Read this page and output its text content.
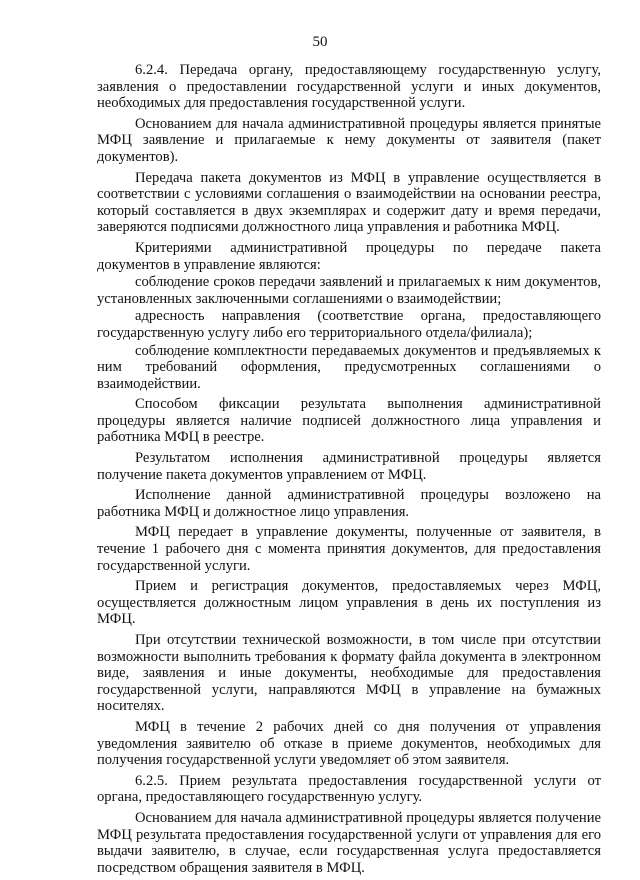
50

6.2.4. Передача органу, предоставляющему государственную услугу, заявления о предоставлении государственной услуги и иных документов, необходимых для предоставления государственной услуги.

Основанием для начала административной процедуры является принятые МФЦ заявление и прилагаемые к нему документы от заявителя (пакет документов).

Передача пакета документов из МФЦ в управление осуществляется в соответствии с условиями соглашения о взаимодействии на основании реестра, который составляется в двух экземплярах и содержит дату и время передачи, заверяются подписями должностного лица управления и работника МФЦ.

Критериями административной процедуры по передаче пакета документов в управление являются:

соблюдение сроков передачи заявлений и прилагаемых к ним документов, установленных заключенными соглашениями о взаимодействии;

адресность направления (соответствие органа, предоставляющего государственную услугу либо его территориального отдела/филиала);

соблюдение комплектности передаваемых документов и предъявляемых к ним требований оформления, предусмотренных соглашениями о взаимодействии.

Способом фиксации результата выполнения административной процедуры является наличие подписей должностного лица управления и работника МФЦ в реестре.

Результатом исполнения административной процедуры является получение пакета документов управлением от МФЦ.

Исполнение данной административной процедуры возложено на работника МФЦ и должностное лицо управления.

МФЦ передает в управление документы, полученные от заявителя, в течение 1 рабочего дня с момента принятия документов, для предоставления государственной услуги.

Прием и регистрация документов, предоставляемых через МФЦ, осуществляется должностным лицом управления в день их поступления из МФЦ.

При отсутствии технической возможности, в том числе при отсутствии возможности выполнить требования к формату файла документа в электронном виде, заявления и иные документы, необходимые для предоставления государственной услуги, направляются МФЦ в управление на бумажных носителях.

МФЦ в течение 2 рабочих дней со дня получения от управления уведомления заявителю об отказе в приеме документов, необходимых для получения государственной услуги уведомляет об этом заявителя.

6.2.5. Прием результата предоставления государственной услуги от органа, предоставляющего государственную услугу.

Основанием для начала административной процедуры является получение МФЦ результата предоставления государственной услуги от управления для его выдачи заявителю, в случае, если государственная услуга предоставляется посредством обращения заявителя в МФЦ.
